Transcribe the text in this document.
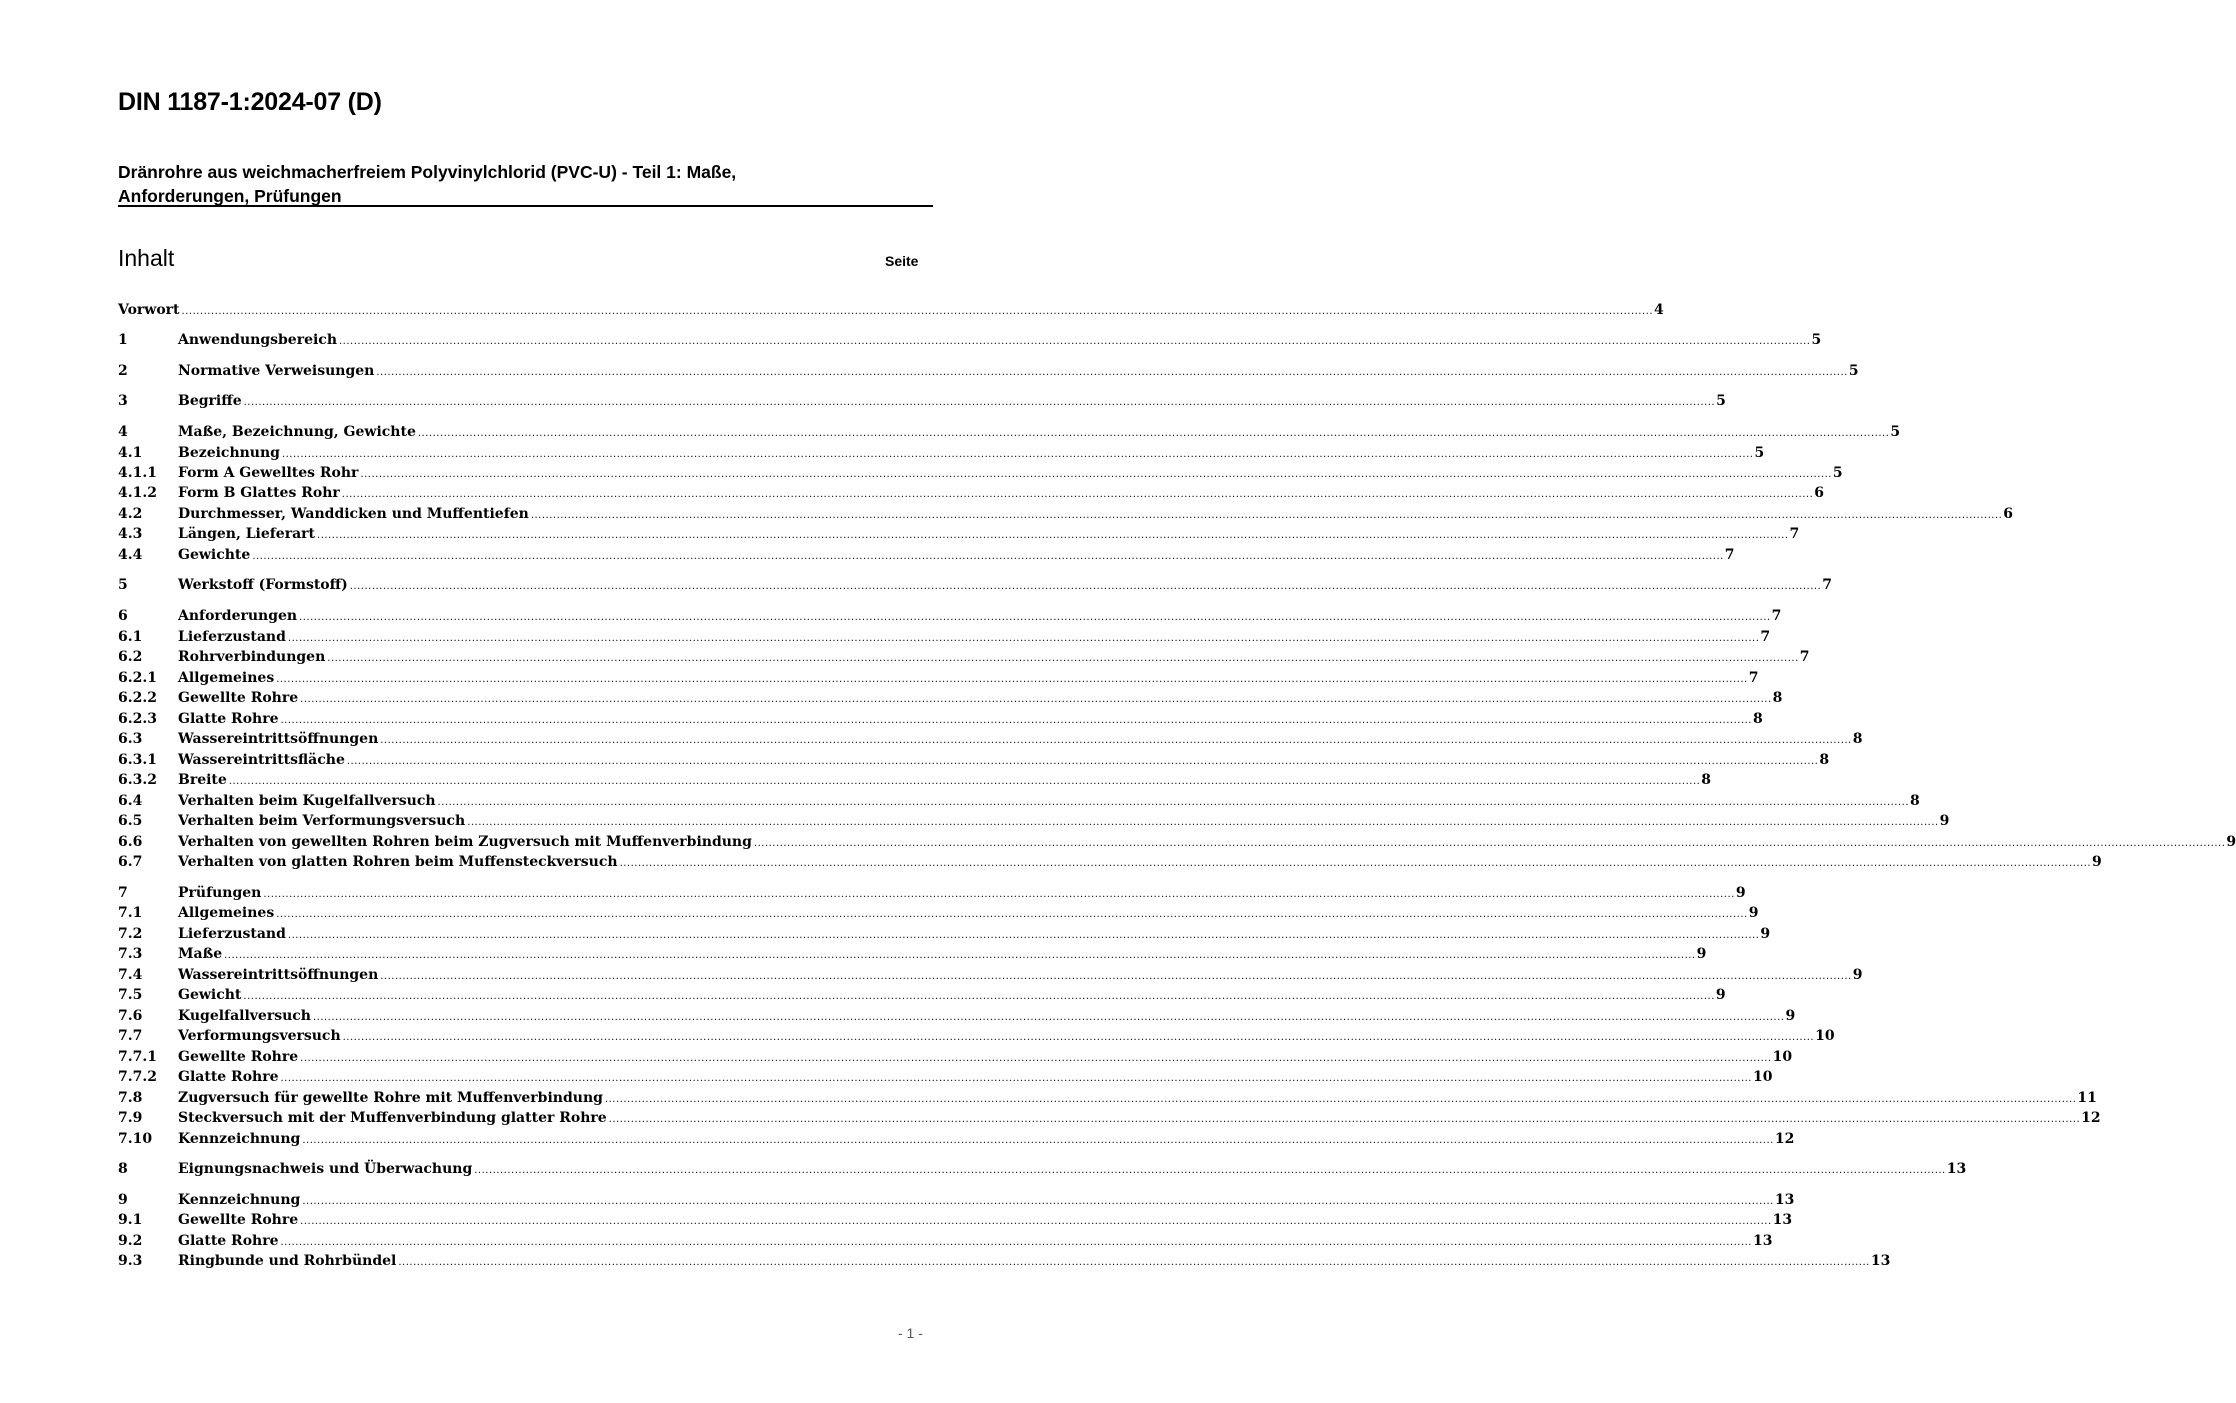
DIN 1187-1:2024-07 (D)
Dränrohre aus weichmacherfreiem Polyvinylchlorid (PVC-U) - Teil 1: Maße,
Anforderungen, Prüfungen
Inhalt	Seite
Vorwort ................................................................................................................................................................................................................................................................................................................................................................................................................ 4
1	Anwendungsbereich ................................................................................................................................................................................................................................................................................................................................................................................................................ 5
2	Normative Verweisungen ................................................................................................................................................................................................................................................................................................................................................................................................................ 5
3	Begriffe ................................................................................................................................................................................................................................................................................................................................................................................................................ 5
4	Maße, Bezeichnung, Gewichte ................................................................................................................................................................................................................................................................................................................................................................................................................ 5
4.1	Bezeichnung ................................................................................................................................................................................................................................................................................................................................................................................................................ 5
4.1.1	Form A Gewelltes Rohr ................................................................................................................................................................................................................................................................................................................................................................................................................ 5
4.1.2	Form B Glattes Rohr ................................................................................................................................................................................................................................................................................................................................................................................................................ 6
4.2	Durchmesser, Wanddicken und Muffentiefen ................................................................................................................................................................................................................................................................................................................................................................................................................ 6
4.3	Längen, Lieferart ................................................................................................................................................................................................................................................................................................................................................................................................................ 7
4.4	Gewichte ................................................................................................................................................................................................................................................................................................................................................................................................................ 7
5	Werkstoff (Formstoff) ................................................................................................................................................................................................................................................................................................................................................................................................................ 7
6	Anforderungen ................................................................................................................................................................................................................................................................................................................................................................................................................ 7
6.1	Lieferzustand ................................................................................................................................................................................................................................................................................................................................................................................................................ 7
6.2	Rohrverbindungen ................................................................................................................................................................................................................................................................................................................................................................................................................ 7
6.2.1	Allgemeines ................................................................................................................................................................................................................................................................................................................................................................................................................ 7
6.2.2	Gewellte Rohre ................................................................................................................................................................................................................................................................................................................................................................................................................ 8
6.2.3	Glatte Rohre ................................................................................................................................................................................................................................................................................................................................................................................................................ 8
6.3	Wassereintrittsöffnungen ................................................................................................................................................................................................................................................................................................................................................................................................................ 8
6.3.1	Wassereintrittsfläche ................................................................................................................................................................................................................................................................................................................................................................................................................ 8
6.3.2	Breite ................................................................................................................................................................................................................................................................................................................................................................................................................ 8
6.4	Verhalten beim Kugelfallversuch ................................................................................................................................................................................................................................................................................................................................................................................................................ 8
6.5	Verhalten beim Verformungsversuch ................................................................................................................................................................................................................................................................................................................................................................................................................ 9
6.6	Verhalten von gewellten Rohren beim Zugversuch mit Muffenverbindung ................................................................................................................................................................................................................................................................................................................................................................................................................ 9
6.7	Verhalten von glatten Rohren beim Muffensteckversuch ................................................................................................................................................................................................................................................................................................................................................................................................................ 9
7	Prüfungen ................................................................................................................................................................................................................................................................................................................................................................................................................ 9
7.1	Allgemeines ................................................................................................................................................................................................................................................................................................................................................................................................................ 9
7.2	Lieferzustand ................................................................................................................................................................................................................................................................................................................................................................................................................ 9
7.3	Maße ................................................................................................................................................................................................................................................................................................................................................................................................................ 9
7.4	Wassereintrittsöffnungen ................................................................................................................................................................................................................................................................................................................................................................................................................ 9
7.5	Gewicht ................................................................................................................................................................................................................................................................................................................................................................................................................ 9
7.6	Kugelfallversuch ................................................................................................................................................................................................................................................................................................................................................................................................................ 9
7.7	Verformungsversuch ................................................................................................................................................................................................................................................................................................................................................................................................................ 10
7.7.1	Gewellte Rohre ................................................................................................................................................................................................................................................................................................................................................................................................................ 10
7.7.2	Glatte Rohre ................................................................................................................................................................................................................................................................................................................................................................................................................ 10
7.8	Zugversuch für gewellte Rohre mit Muffenverbindung ................................................................................................................................................................................................................................................................................................................................................................................................................ 11
7.9	Steckversuch mit der Muffenverbindung glatter Rohre ................................................................................................................................................................................................................................................................................................................................................................................................................ 12
7.10	Kennzeichnung ................................................................................................................................................................................................................................................................................................................................................................................................................ 12
8	Eignungsnachweis und Überwachung ................................................................................................................................................................................................................................................................................................................................................................................................................ 13
9	Kennzeichnung ................................................................................................................................................................................................................................................................................................................................................................................................................ 13
9.1	Gewellte Rohre ................................................................................................................................................................................................................................................................................................................................................................................................................ 13
9.2	Glatte Rohre ................................................................................................................................................................................................................................................................................................................................................................................................................ 13
9.3	Ringbunde und Rohrbündel ................................................................................................................................................................................................................................................................................................................................................................................................................ 13
- 1 -
